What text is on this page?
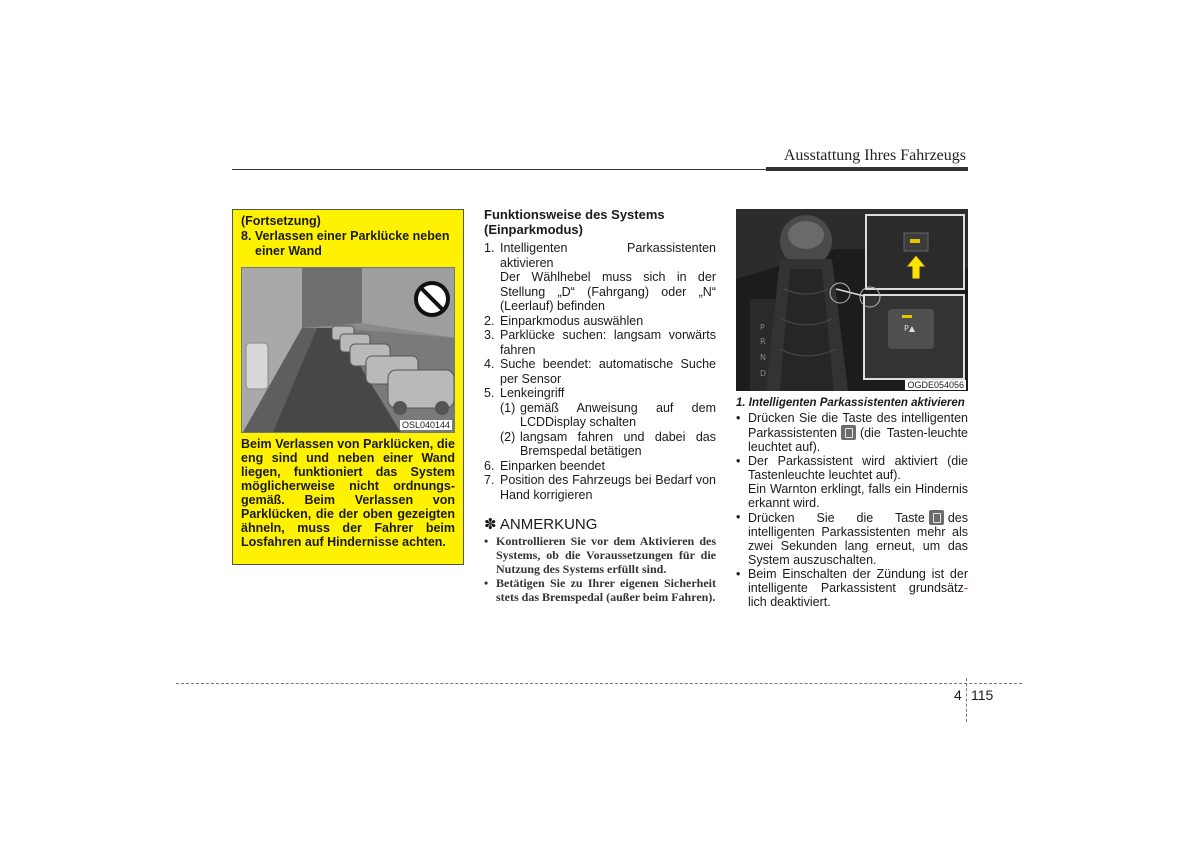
Ausstattung Ihres Fahrzeugs
(Fortsetzung)
8. Verlassen einer Parklücke neben einer Wand
OSL040144
Beim Verlassen von Parklücken, die eng sind und neben einer Wand liegen, funktioniert das System möglicherweise nicht ordnungs-gemäß. Beim Verlassen von Parklücken, die der oben gezeigten ähneln, muss der Fahrer beim Losfahren auf Hindernisse achten.
Funktionsweise des Systems (Einparkmodus)
1. Intelligenten Parkassistenten aktivieren
Der Wählhebel muss sich in der Stellung „D“ (Fahrgang) oder „N“ (Leerlauf) befinden
2. Einparkmodus auswählen
3. Parklücke suchen: langsam vorwärts fahren
4. Suche beendet: automatische Suche per Sensor
5. Lenkeingriff
(1) gemäß Anweisung auf dem LCDDisplay schalten
(2) langsam fahren und dabei das Bremspedal betätigen
6. Einparken beendet
7. Position des Fahrzeugs bei Bedarf von Hand korrigieren
✽ ANMERKUNG
• Kontrollieren Sie vor dem Aktivieren des Systems, ob die Voraussetzungen für die Nutzung des Systems erfüllt sind.
• Betätigen Sie zu Ihrer eigenen Sicherheit stets das Bremspedal (außer beim Fahren).
P▲
P
R
N
D
OGDE054056
1. Intelligenten Parkassistenten aktivieren
• Drücken Sie die Taste des intelligenten Parkassistenten (die Tasten-leuchte leuchtet auf).
• Der Parkassistent wird aktiviert (die Tastenleuchte leuchtet auf).
Ein Warnton erklingt, falls ein Hindernis erkannt wird.
• Drücken Sie die Taste des intelligenten Parkassistenten mehr als zwei Sekunden lang erneut, um das System auszuschalten.
• Beim Einschalten der Zündung ist der intelligente Parkassistent grundsätz- lich deaktiviert.
4 115
